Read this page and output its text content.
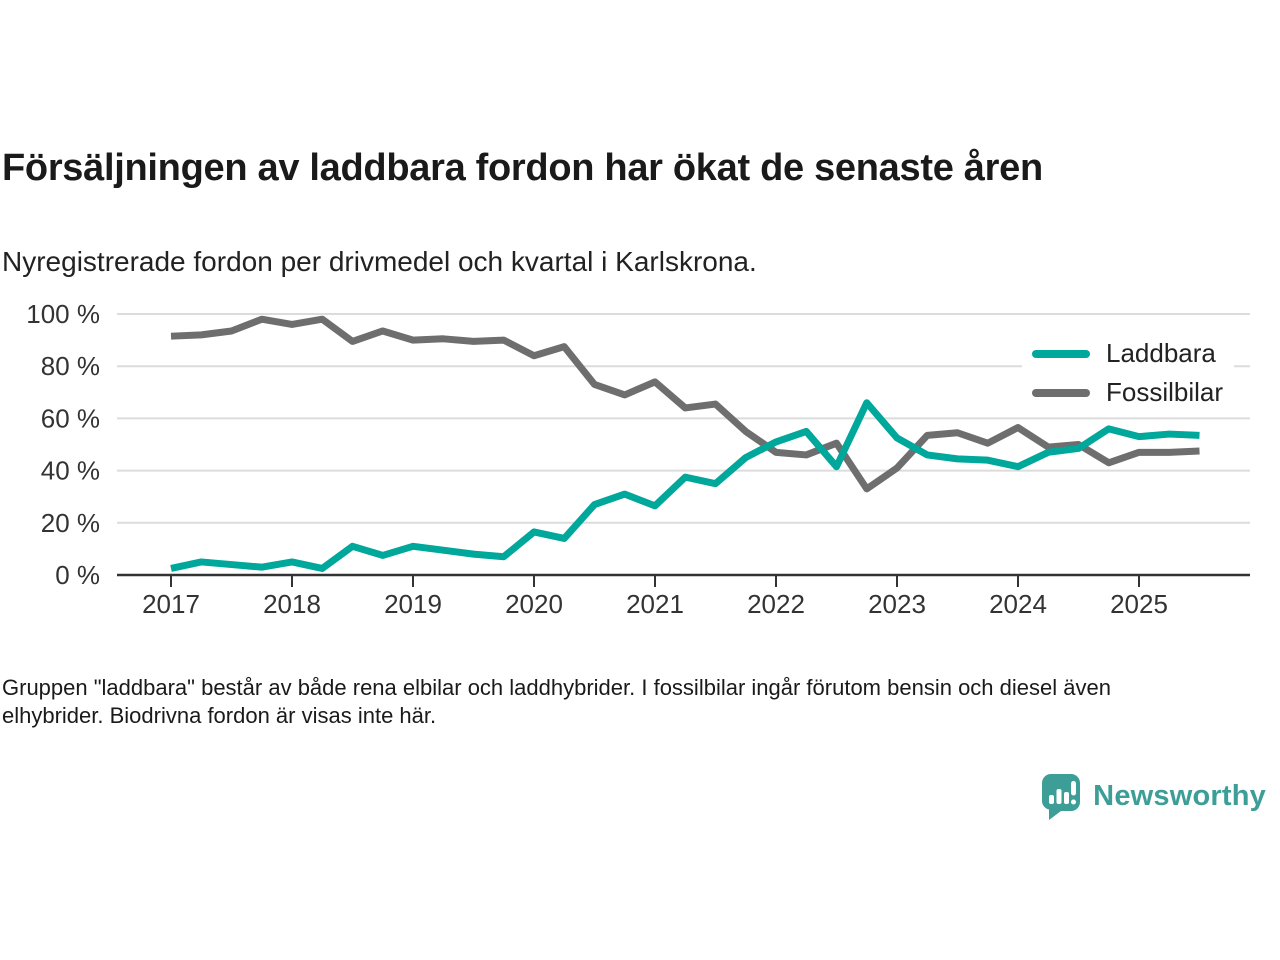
Försäljningen av laddbara fordon har ökat de senaste åren

Nyregistrerade fordon per drivmedel och kvartal i Karlskrona.

0 %
20 %
40 %
60 %
80 %
100 %
2017 2018 2019 2020 2021 2022 2023 2024 2025
Laddbara
Fossilbilar

Gruppen "laddbara" består av både rena elbilar och laddhybrider. I fossilbilar ingår förutom bensin och diesel även
elhybrider. Biodrivna fordon är visas inte här.

Newsworthy
